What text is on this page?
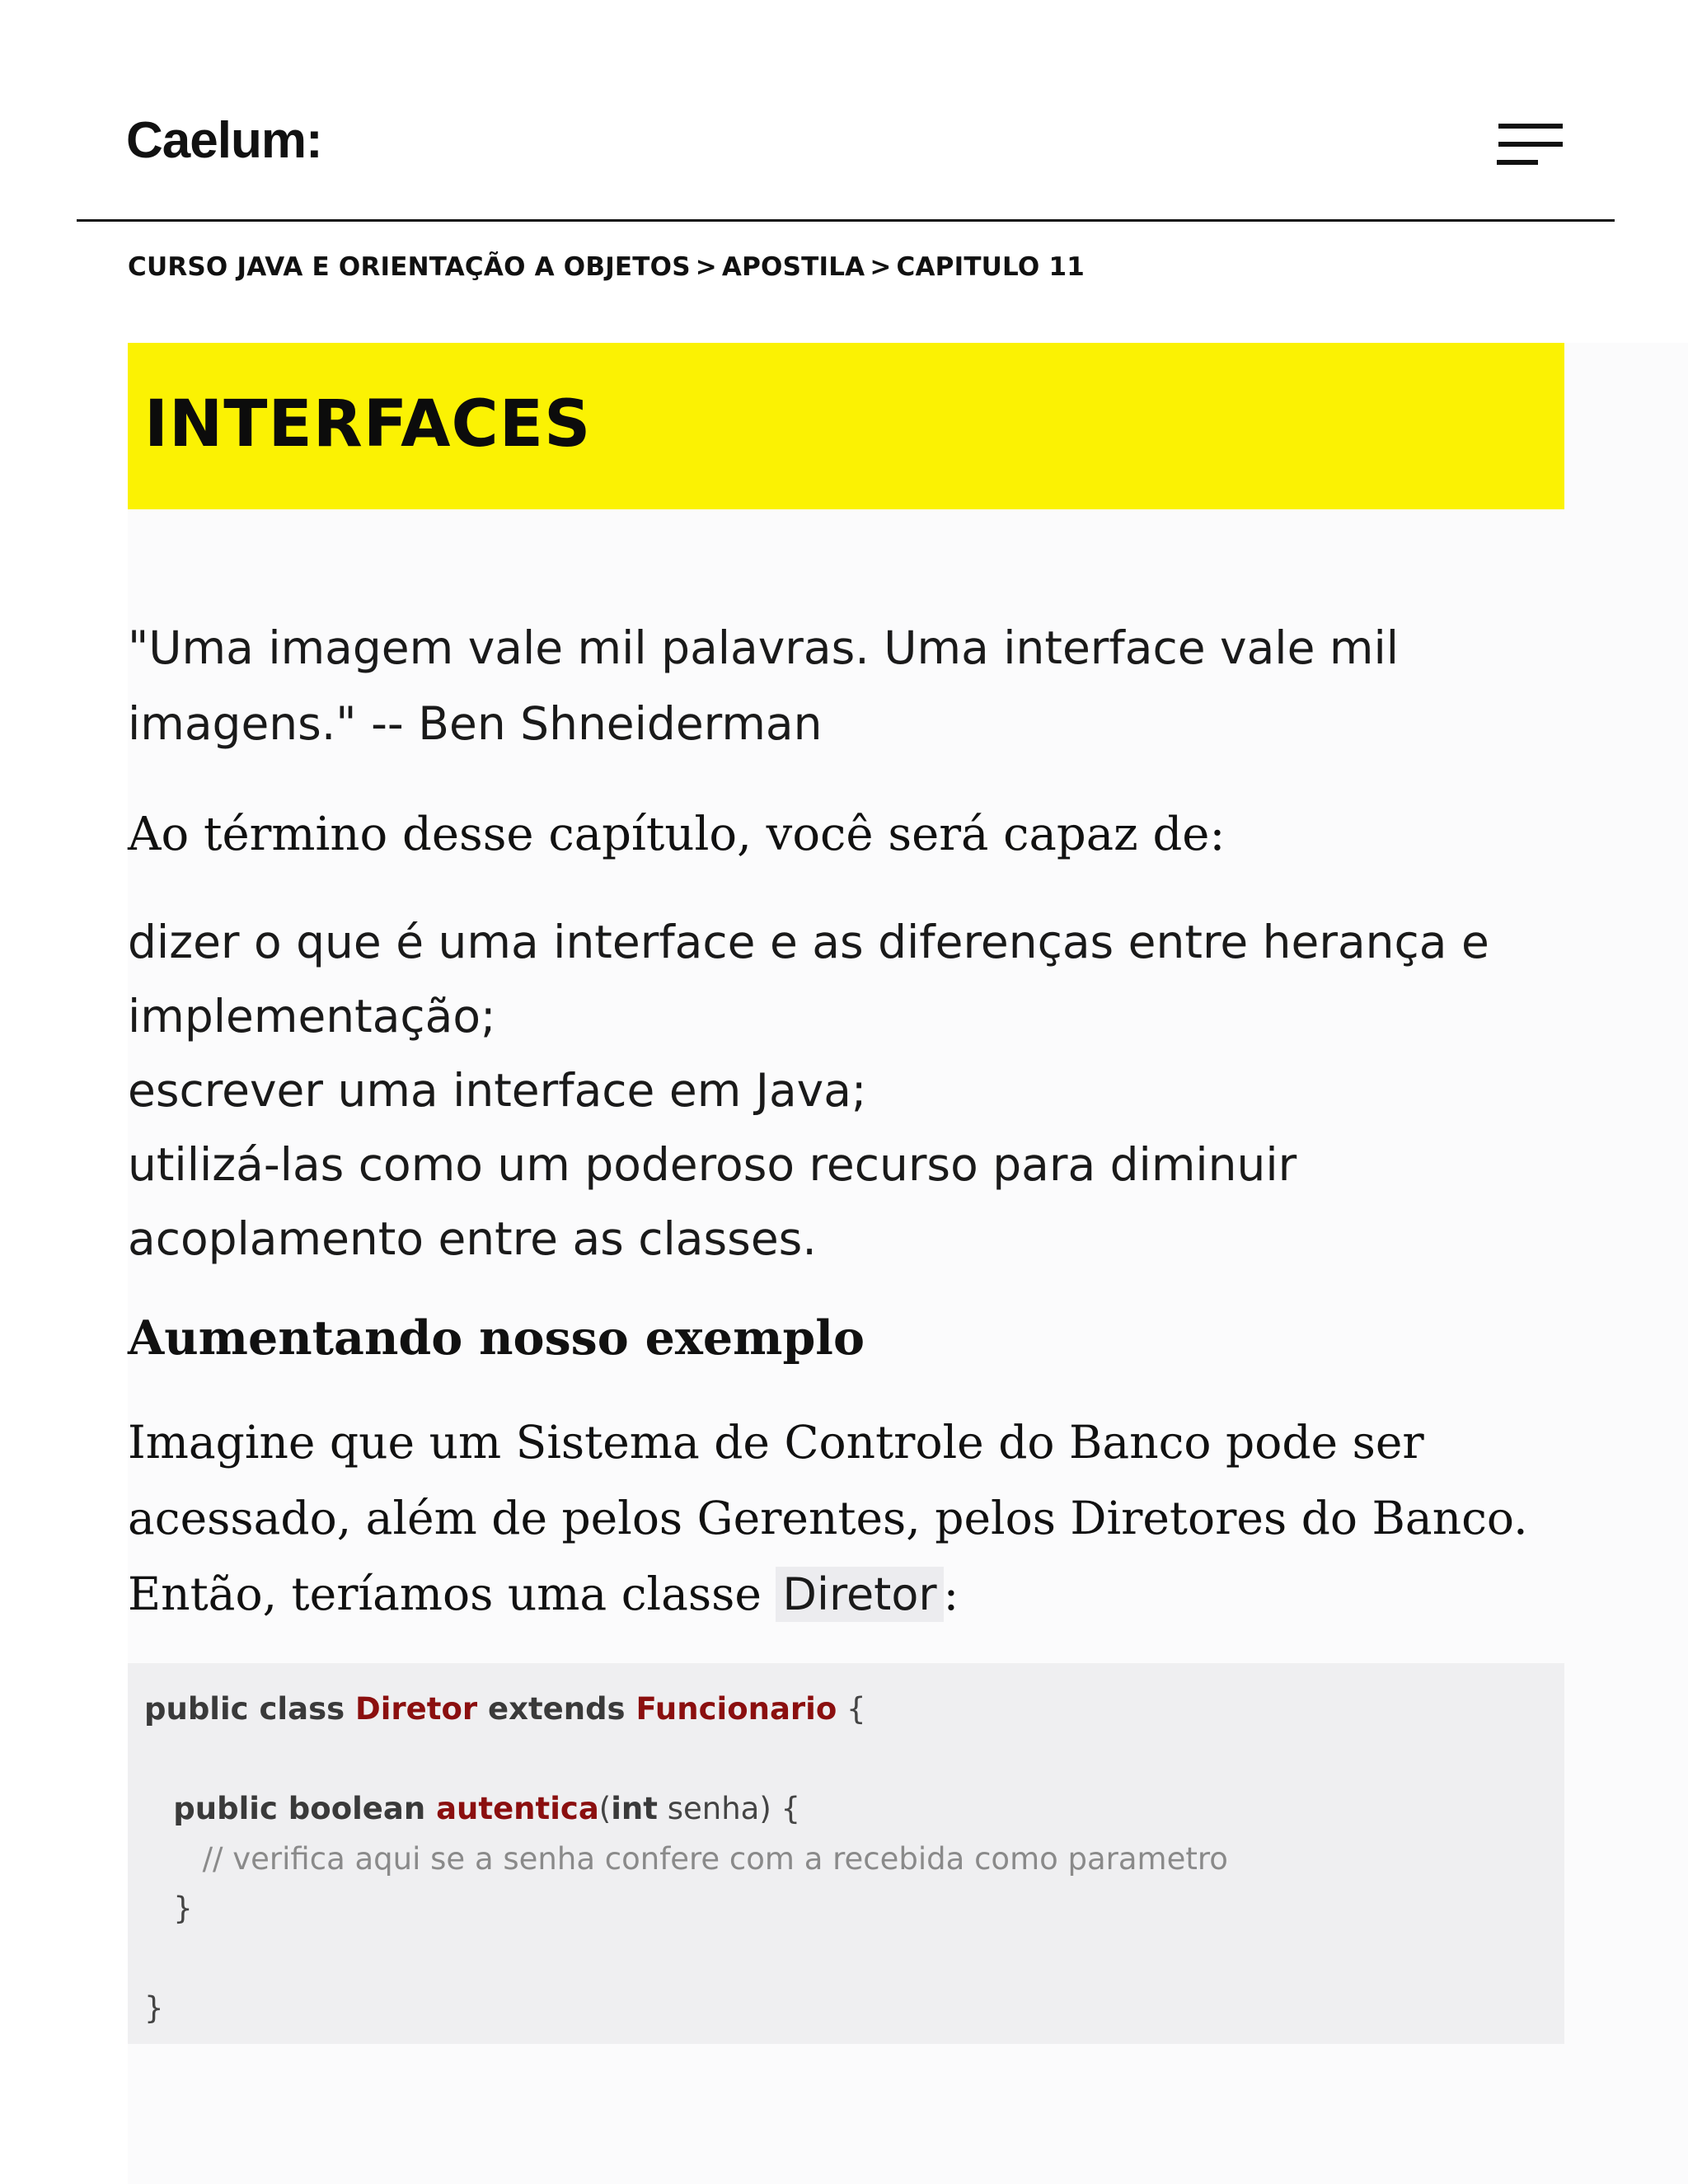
Caelum:
CURSO JAVA E ORIENTAÇÃO A OBJETOS > APOSTILA > CAPITULO 11
INTERFACES

"Uma imagem vale mil palavras. Uma interface vale mil imagens." -- Ben Shneiderman

Ao término desse capítulo, você será capaz de:

dizer o que é uma interface e as diferenças entre herança e implementação;
escrever uma interface em Java;
utilizá-las como um poderoso recurso para diminuir acoplamento entre as classes.
Aumentando nosso exemplo

Imagine que um Sistema de Controle do Banco pode ser acessado, além de pelos Gerentes, pelos Diretores do Banco. Então, teríamos uma classe Diretor :

public class Diretor extends Funcionario {
public boolean autentica(int senha) {
// verifica aqui se a senha confere com a recebida como parametro
}
}
